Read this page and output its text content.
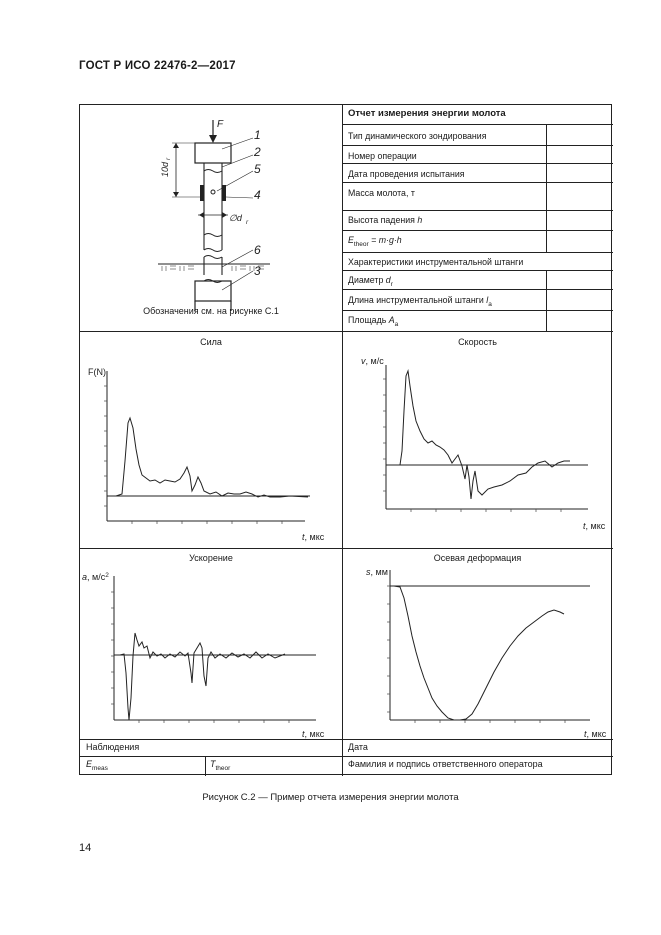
ГОСТ Р ИСО 22476-2—2017
Отчет измерения энергии молота
Тип динамического зондирования
Номер операции
Дата проведения испытания
Масса молота, т
Высота падения h
$E_{theor} = m\cdot g\cdot h$
Характеристики инструментальной штанги
Диаметр $d_r$
Длина инструментальной штанги $l_a$
Площадь $A_a$
F
10d
r
∅d r
1
2
5
4
6
3
Обозначения см. на рисунке С.1
Сила
F(N)
t, мкс
Скорость
v, м/с
t, мкс
Ускорение
a, $м/с^2$
t, мкс
Осевая деформация
s, мм
t, мкс
Наблюдения	Дата
$E_{meas}$	$T_{theor}$	Фамилия и подпись ответственного оператора
Рисунок С.2 — Пример отчета измерения энергии молота
14
